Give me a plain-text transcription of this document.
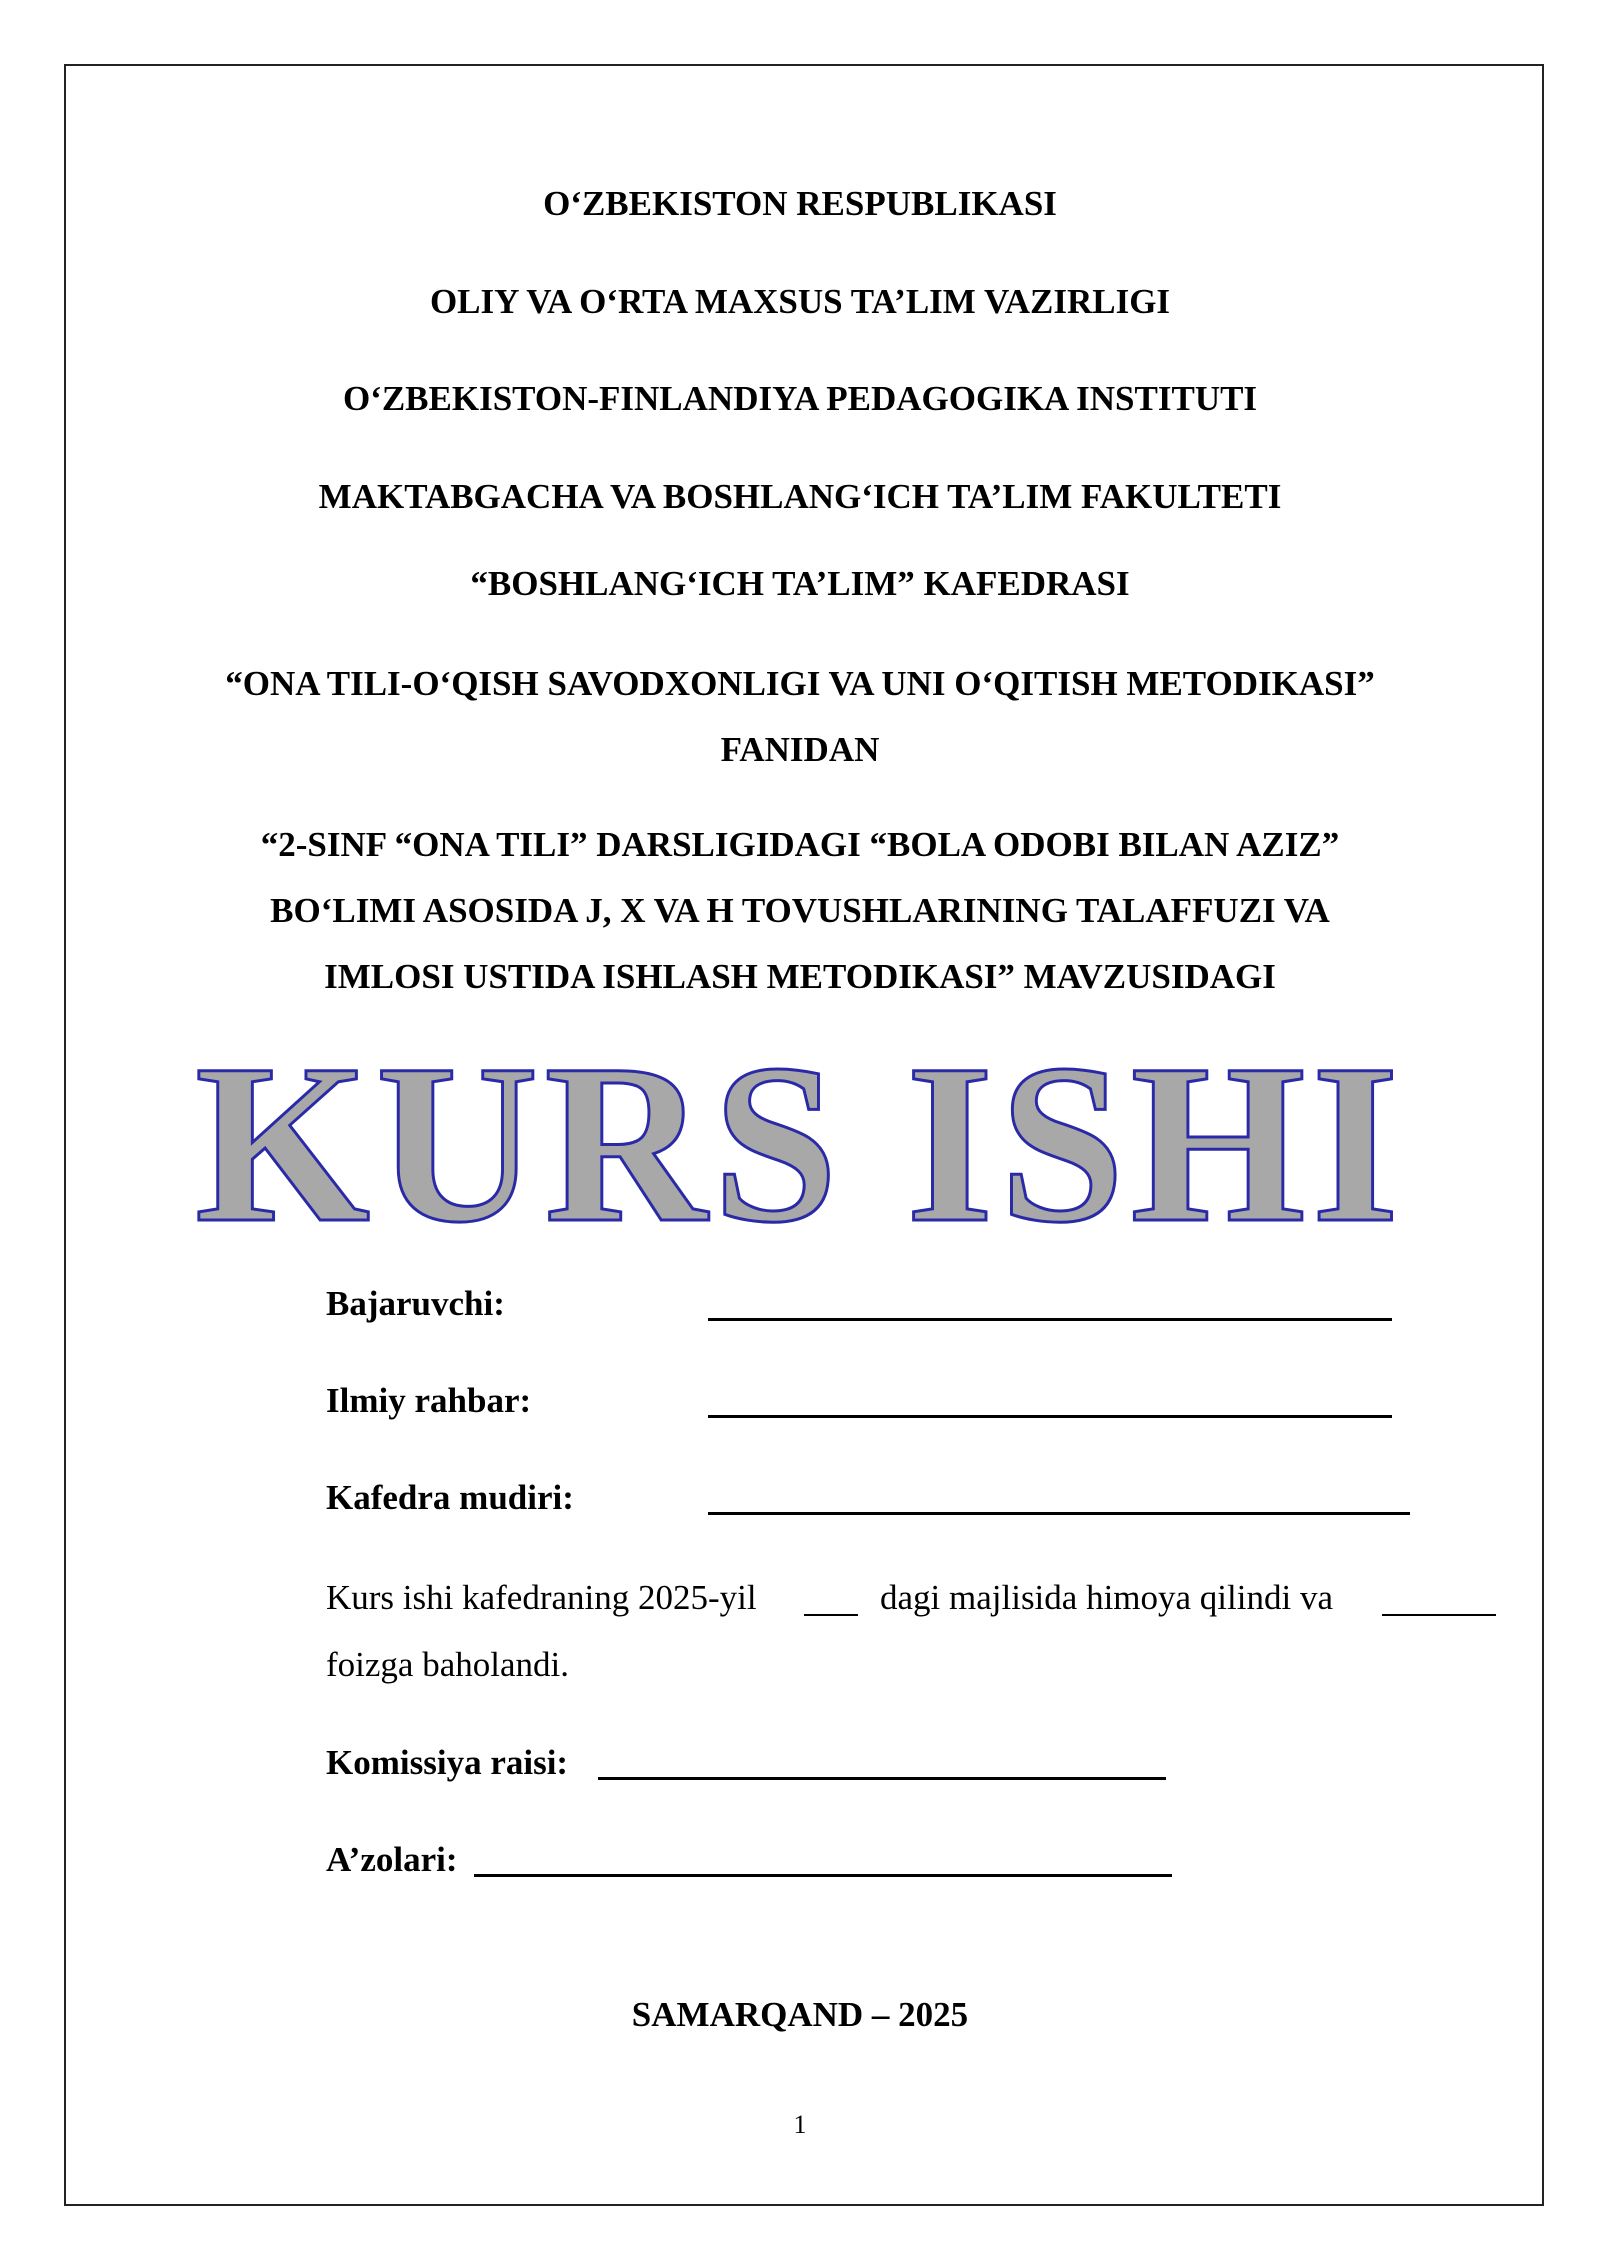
O‘ZBEKISTON RESPUBLIKASI
OLIY VA O‘RTA MAXSUS TA’LIM VAZIRLIGI
O‘ZBEKISTON-FINLANDIYA PEDAGOGIKA INSTITUTI
MAKTABGACHA VA BOSHLANG‘ICH TA’LIM FAKULTETI
“BOSHLANG‘ICH TA’LIM” KAFEDRASI
“ONA TILI-O‘QISH SAVODXONLIGI VA UNI O‘QITISH METODIKASI”
FANIDAN
“2-SINF “ONA TILI” DARSLIGIDAGI “BOLA ODOBI BILAN AZIZ”
BO‘LIMI ASOSIDA J, X VA H TOVUSHLARINING TALAFFUZI VA
IMLOSI USTIDA ISHLASH METODIKASI” MAVZUSIDAGI
KURS ISHI
Bajaruvchi:
Ilmiy rahbar:
Kafedra mudiri:
Kurs ishi kafedraning 2025-yil	dagi majlisida himoya qilindi va
foizga baholandi.
Komissiya raisi:
A’zolari:
SAMARQAND – 2025
1
